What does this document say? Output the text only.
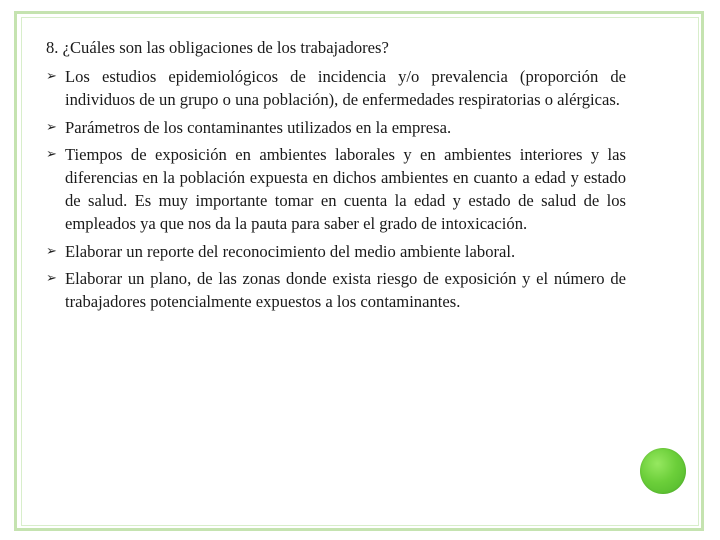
8. ¿Cuáles son las obligaciones de los trabajadores?

➢ Los estudios epidemiológicos de incidencia y/o prevalencia (proporción de individuos de un grupo o una población), de enfermedades respiratorias o alérgicas.
➢ Parámetros de los contaminantes utilizados en la empresa.
➢ Tiempos de exposición en ambientes laborales y en ambientes interiores y las diferencias en la población expuesta en dichos ambientes en cuanto a edad y estado de salud. Es muy importante tomar en cuenta la edad y estado de salud de los empleados ya que nos da la pauta para saber el grado de intoxicación.
➢ Elaborar un reporte del reconocimiento del medio ambiente laboral.
➢ Elaborar un plano, de las zonas donde exista riesgo de exposición y el número de trabajadores potencialmente expuestos a los contaminantes.
